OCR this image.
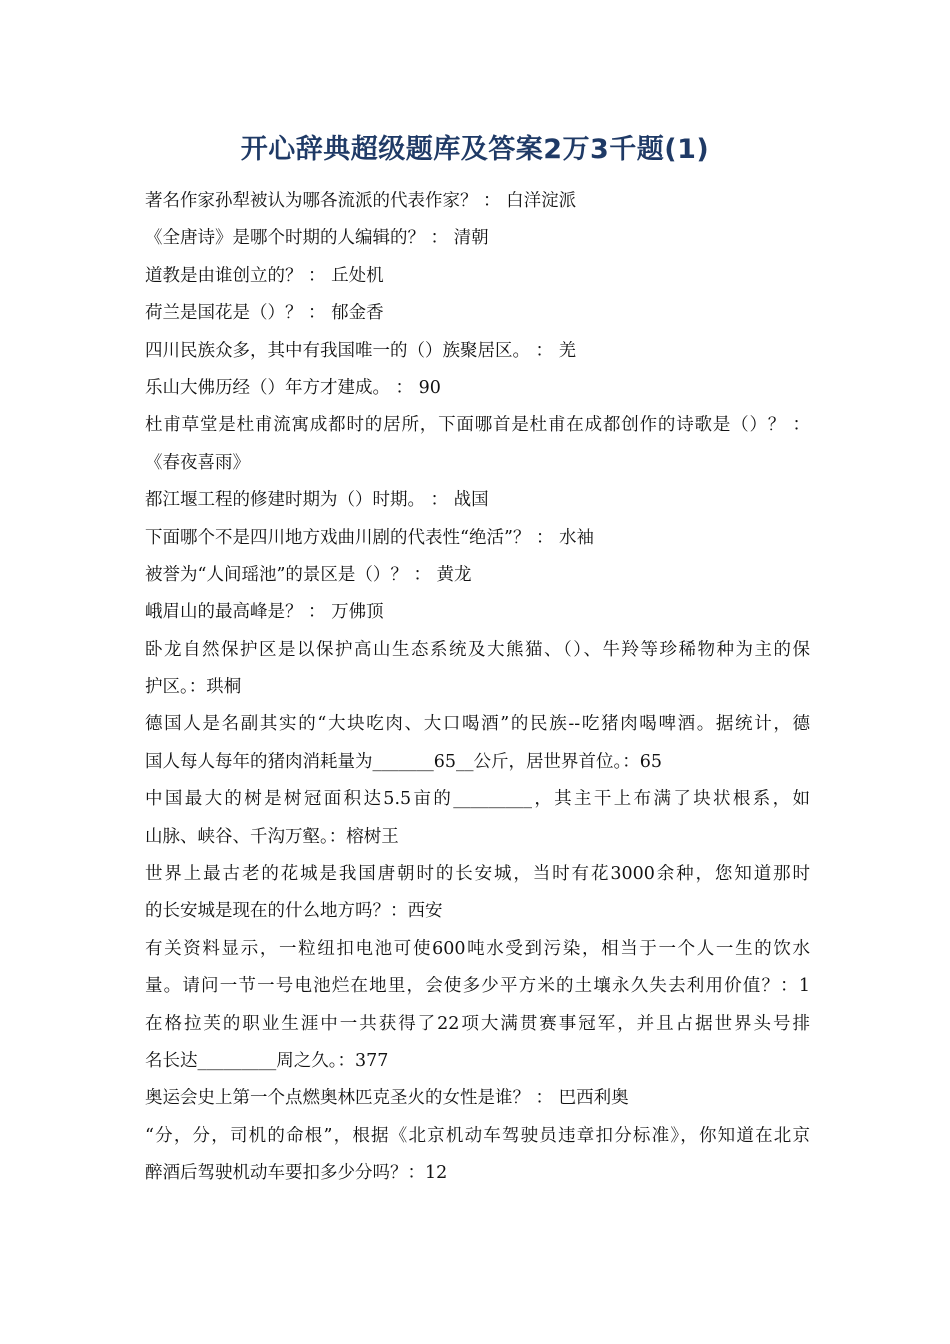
开心辞典超级题库及答案2万3千题(1)
著名作家孙犁被认为哪各流派的代表作家？ ： 白洋淀派
《全唐诗》是哪个时期的人编辑的？ ： 清朝
道教是由谁创立的？ ： 丘处机
荷兰是国花是（）？ ： 郁金香
四川民族众多，其中有我国唯一的（）族聚居区。 ： 羌
乐山大佛历经（）年方才建成。 ： 90
杜甫草堂是杜甫流寓成都时的居所，下面哪首是杜甫在成都创作的诗歌是（）？ ：
《春夜喜雨》
都江堰工程的修建时期为（）时期。 ： 战国
下面哪个不是四川地方戏曲川剧的代表性“绝活”？ ： 水袖
被誉为“人间瑶池”的景区是（）？ ： 黄龙
峨眉山的最高峰是？ ： 万佛顶
卧龙自然保护区是以保护高山生态系统及大熊猫、（）、牛羚等珍稀物种为主的保
护区。：珙桐
德国人是名副其实的“大块吃肉、大口喝酒”的民族--吃猪肉喝啤酒。据统计，德
国人每人每年的猪肉消耗量为_______65__公斤，居世界首位。：65
中国最大的树是树冠面积达5.5亩的_________，其主干上布满了块状根系，如
山脉、峡谷、千沟万壑。：榕树王
世界上最古老的花城是我国唐朝时的长安城，当时有花3000余种，您知道那时
的长安城是现在的什么地方吗？：西安
有关资料显示，一粒纽扣电池可使600吨水受到污染，相当于一个人一生的饮水
量。请问一节一号电池烂在地里，会使多少平方米的土壤永久失去利用价值？：1
在格拉芙的职业生涯中一共获得了22项大满贯赛事冠军，并且占据世界头号排
名长达_________周之久。：377
奥运会史上第一个点燃奥林匹克圣火的女性是谁？ ： 巴西利奥
“分，分，司机的命根”，根据《北京机动车驾驶员违章扣分标准》，你知道在北京
醉酒后驾驶机动车要扣多少分吗？：12
